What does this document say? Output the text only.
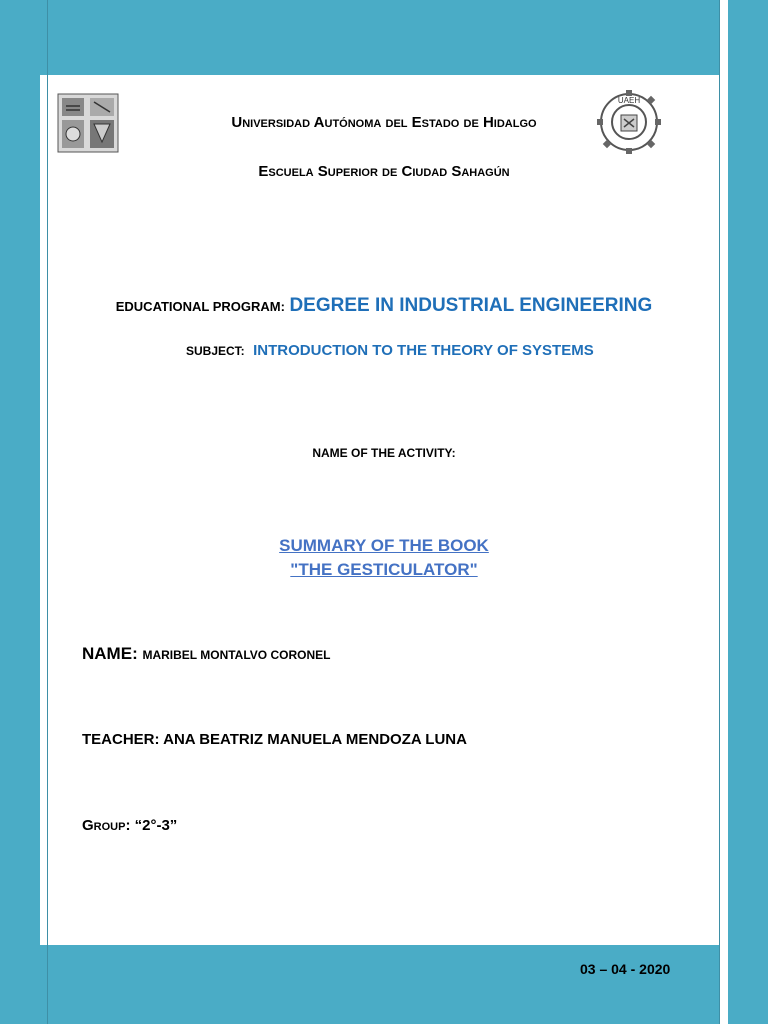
UAEH
Universidad Autónoma del Estado de Hidalgo
Escuela Superior de Ciudad Sahagún
EDUCATIONAL PROGRAM: DEGREE IN INDUSTRIAL ENGINEERING
SUBJECT: INTRODUCTION TO THE THEORY OF SYSTEMS
NAME OF THE ACTIVITY:
SUMMARY OF THE BOOK
"THE GESTICULATOR"
NAME: MARIBEL MONTALVO CORONEL
TEACHER: ANA BEATRIZ MANUELA MENDOZA LUNA
Group: “2°-3”
03 – 04 - 2020
